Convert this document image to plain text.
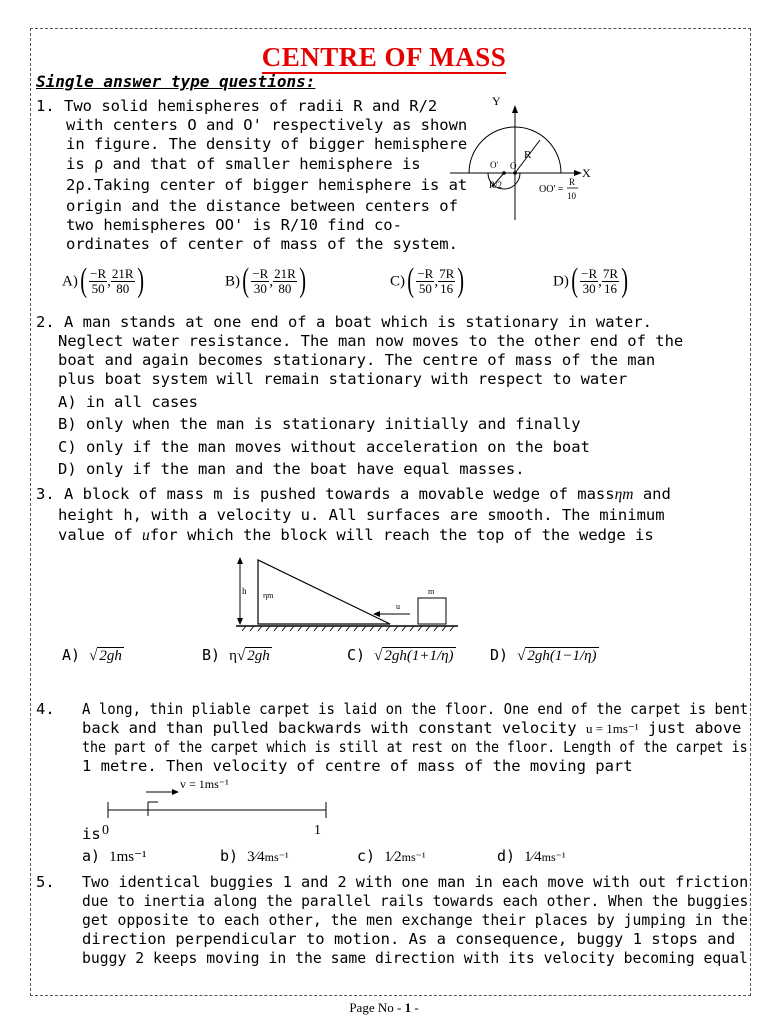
CENTRE OF MASS
Single answer type questions:
1. Two solid hemispheres of radii R and R/2
with centers O and O' respectively as shown
in figure. The density of bigger hemisphere
is ρ and that of smaller hemisphere is
2ρ.Taking center of bigger hemisphere is at
origin and the distance between centers of
two hemispheres OO' is R/10 find co-
ordinates of center of mass of the system.
Y
X
O' O
R
R/2	OO' =
R
10
$A)( \frac{-R}{50}$ , $\frac{21R}{80}$ )	$B)( \frac{-R}{30}$ , $\frac{21R}{80}$ )	$C)( \frac{-R}{50}$ , $\frac{7R}{16}$ )	$D)( \frac{-R}{30}$ , $\frac{7R}{16}$ )
2. A man stands at one end of a boat which is stationary in water.
Neglect water resistance. The man now moves to the other end of the
boat and again becomes stationary. The centre of mass of the man
plus boat system will remain stationary with respect to water
A) in all cases
B) only when the man is stationary initially and finally
C) only if the man moves without acceleration on the boat
D) only if the man and the boat have equal masses.
3. A block of mass m is pushed towards a movable wedge of massηm and
height h, with a velocity u. All surfaces are smooth. The minimum
value of ufor which the block will reach the top of the wedge is
h ηm
u
m
A) √ 2gh	B) η√ 2gh	C) √ 2gh(1+1/η) D) √ 2gh(1−1/η)
4. A long, thin pliable carpet is laid on the floor. One end of the carpet is bent
back and than pulled backwards with constant velocity u = 1ms⁻¹ just above
the part of the carpet which is still at rest on the floor. Length of the carpet is
1 metre. Then velocity of centre of mass of the moving part
v = 1ms⁻¹
0	1
is
a) 1ms⁻¹	b) 3⁄4ms⁻¹	c) 1⁄2ms⁻¹	d) 1⁄4ms⁻¹
5. Two identical buggies 1 and 2 with one man in each move with out friction
due to inertia along the parallel rails towards each other. When the buggies
get opposite to each other, the men exchange their places by jumping in the
direction perpendicular to motion. As a consequence, buggy 1 stops and
buggy 2 keeps moving in the same direction with its velocity becoming equal
Page No - 1 -
